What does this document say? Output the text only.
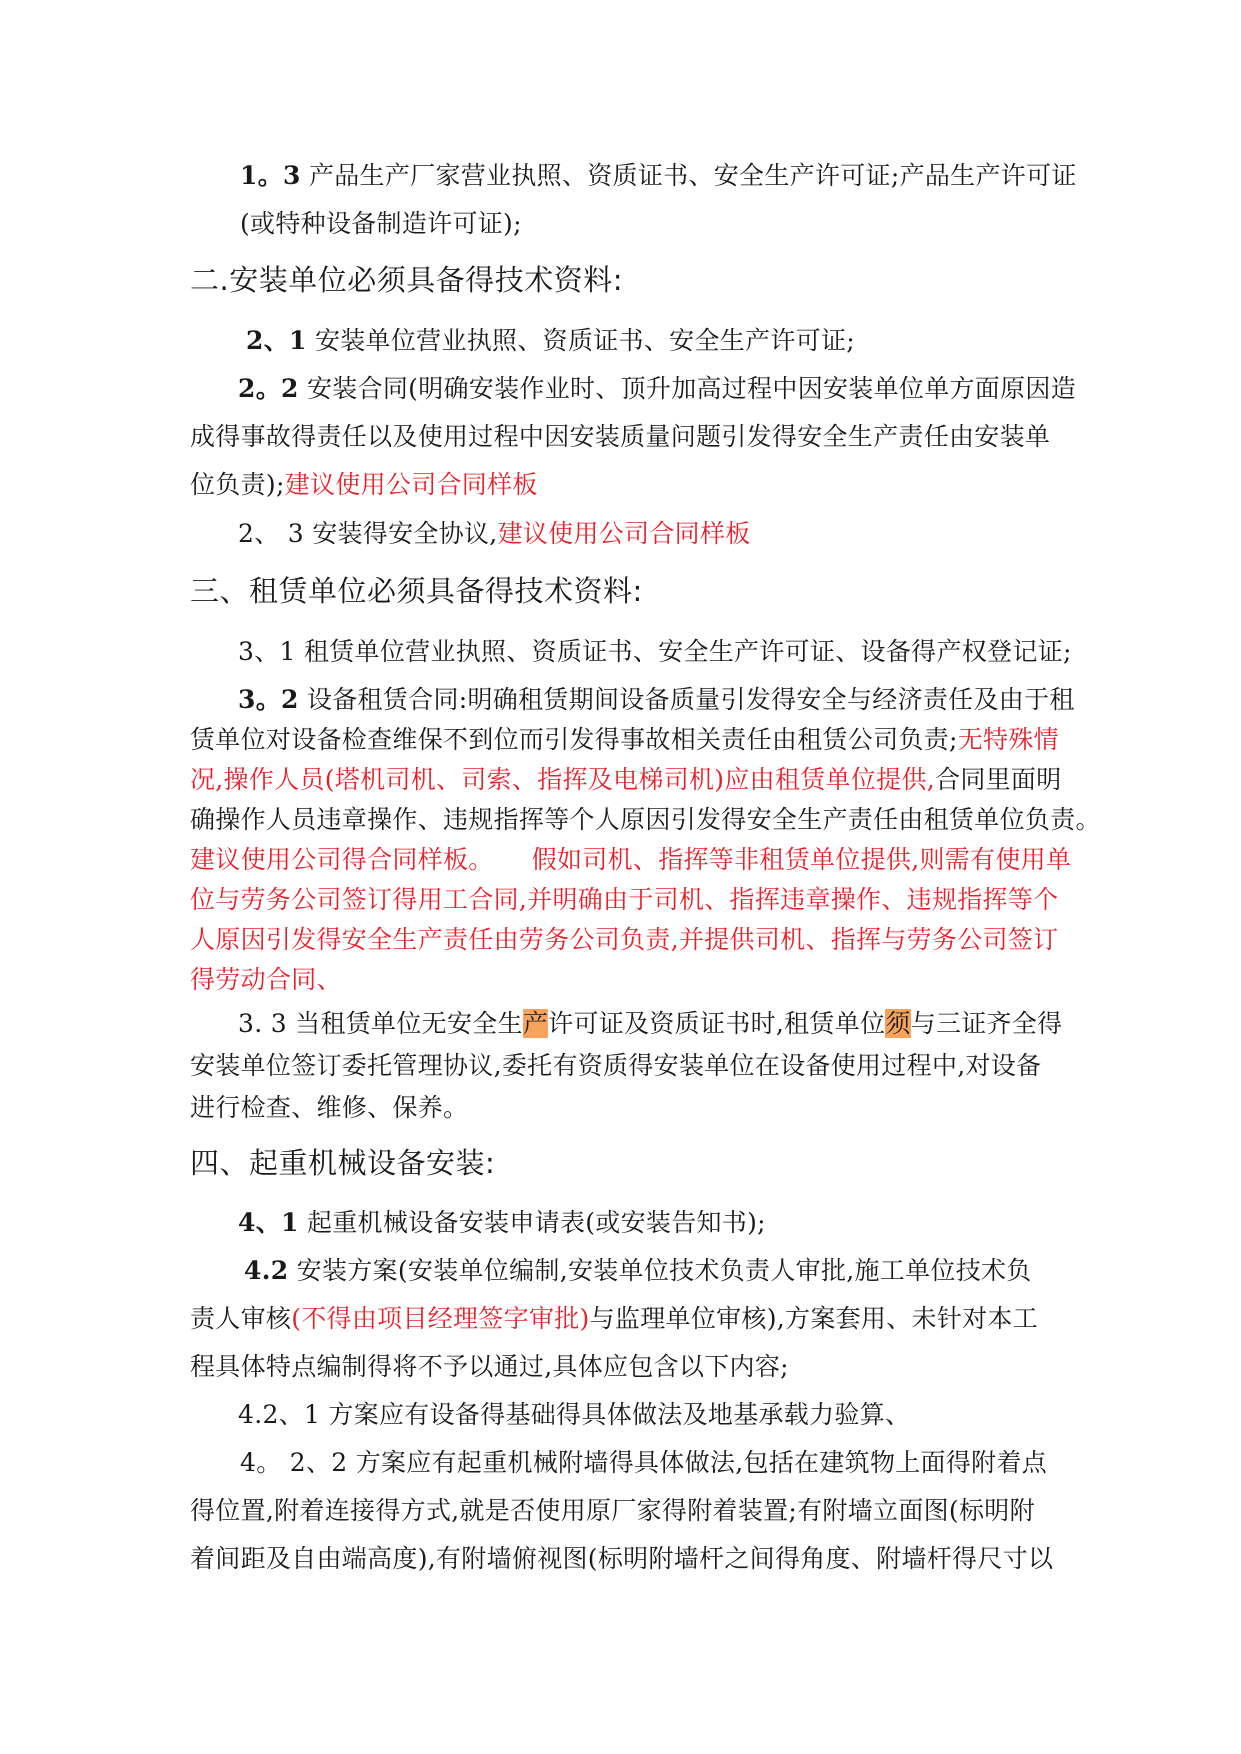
1。3 产品生产厂家营业执照、资质证书、安全生产许可证;产品生产许可证
(或特种设备制造许可证);
二.安装单位必须具备得技术资料:
2、1 安装单位营业执照、资质证书、安全生产许可证;
2。2 安装合同(明确安装作业时、顶升加高过程中因安装单位单方面原因造
成得事故得责任以及使用过程中因安装质量问题引发得安全生产责任由安装单
位负责);建议使用公司合同样板
2、 3 安装得安全协议,建议使用公司合同样板
三、租赁单位必须具备得技术资料:
3、1 租赁单位营业执照、资质证书、安全生产许可证、设备得产权登记证;
3。2 设备租赁合同:明确租赁期间设备质量引发得安全与经济责任及由于租
赁单位对设备检查维保不到位而引发得事故相关责任由租赁公司负责;无特殊情
况,操作人员(塔机司机、司索、指挥及电梯司机)应由租赁单位提供,合同里面明
确操作人员违章操作、违规指挥等个人原因引发得安全生产责任由租赁单位负责。
建议使用公司得合同样板。　　假如司机、指挥等非租赁单位提供,则需有使用单
位与劳务公司签订得用工合同,并明确由于司机、指挥违章操作、违规指挥等个
人原因引发得安全生产责任由劳务公司负责,并提供司机、指挥与劳务公司签订
得劳动合同、
3. 3 当租赁单位无安全生产许可证及资质证书时,租赁单位须与三证齐全得
安装单位签订委托管理协议,委托有资质得安装单位在设备使用过程中,对设备
进行检查、维修、保养。
四、起重机械设备安装:
4、1 起重机械设备安装申请表(或安装告知书);
4.2 安装方案(安装单位编制,安装单位技术负责人审批,施工单位技术负
责人审核(不得由项目经理签字审批)与监理单位审核),方案套用、未针对本工
程具体特点编制得将不予以通过,具体应包含以下内容;
4.2、1 方案应有设备得基础得具体做法及地基承载力验算、
4。 2、2 方案应有起重机械附墙得具体做法,包括在建筑物上面得附着点
得位置,附着连接得方式,就是否使用原厂家得附着装置;有附墙立面图(标明附
着间距及自由端高度),有附墙俯视图(标明附墙杆之间得角度、附墙杆得尺寸以
